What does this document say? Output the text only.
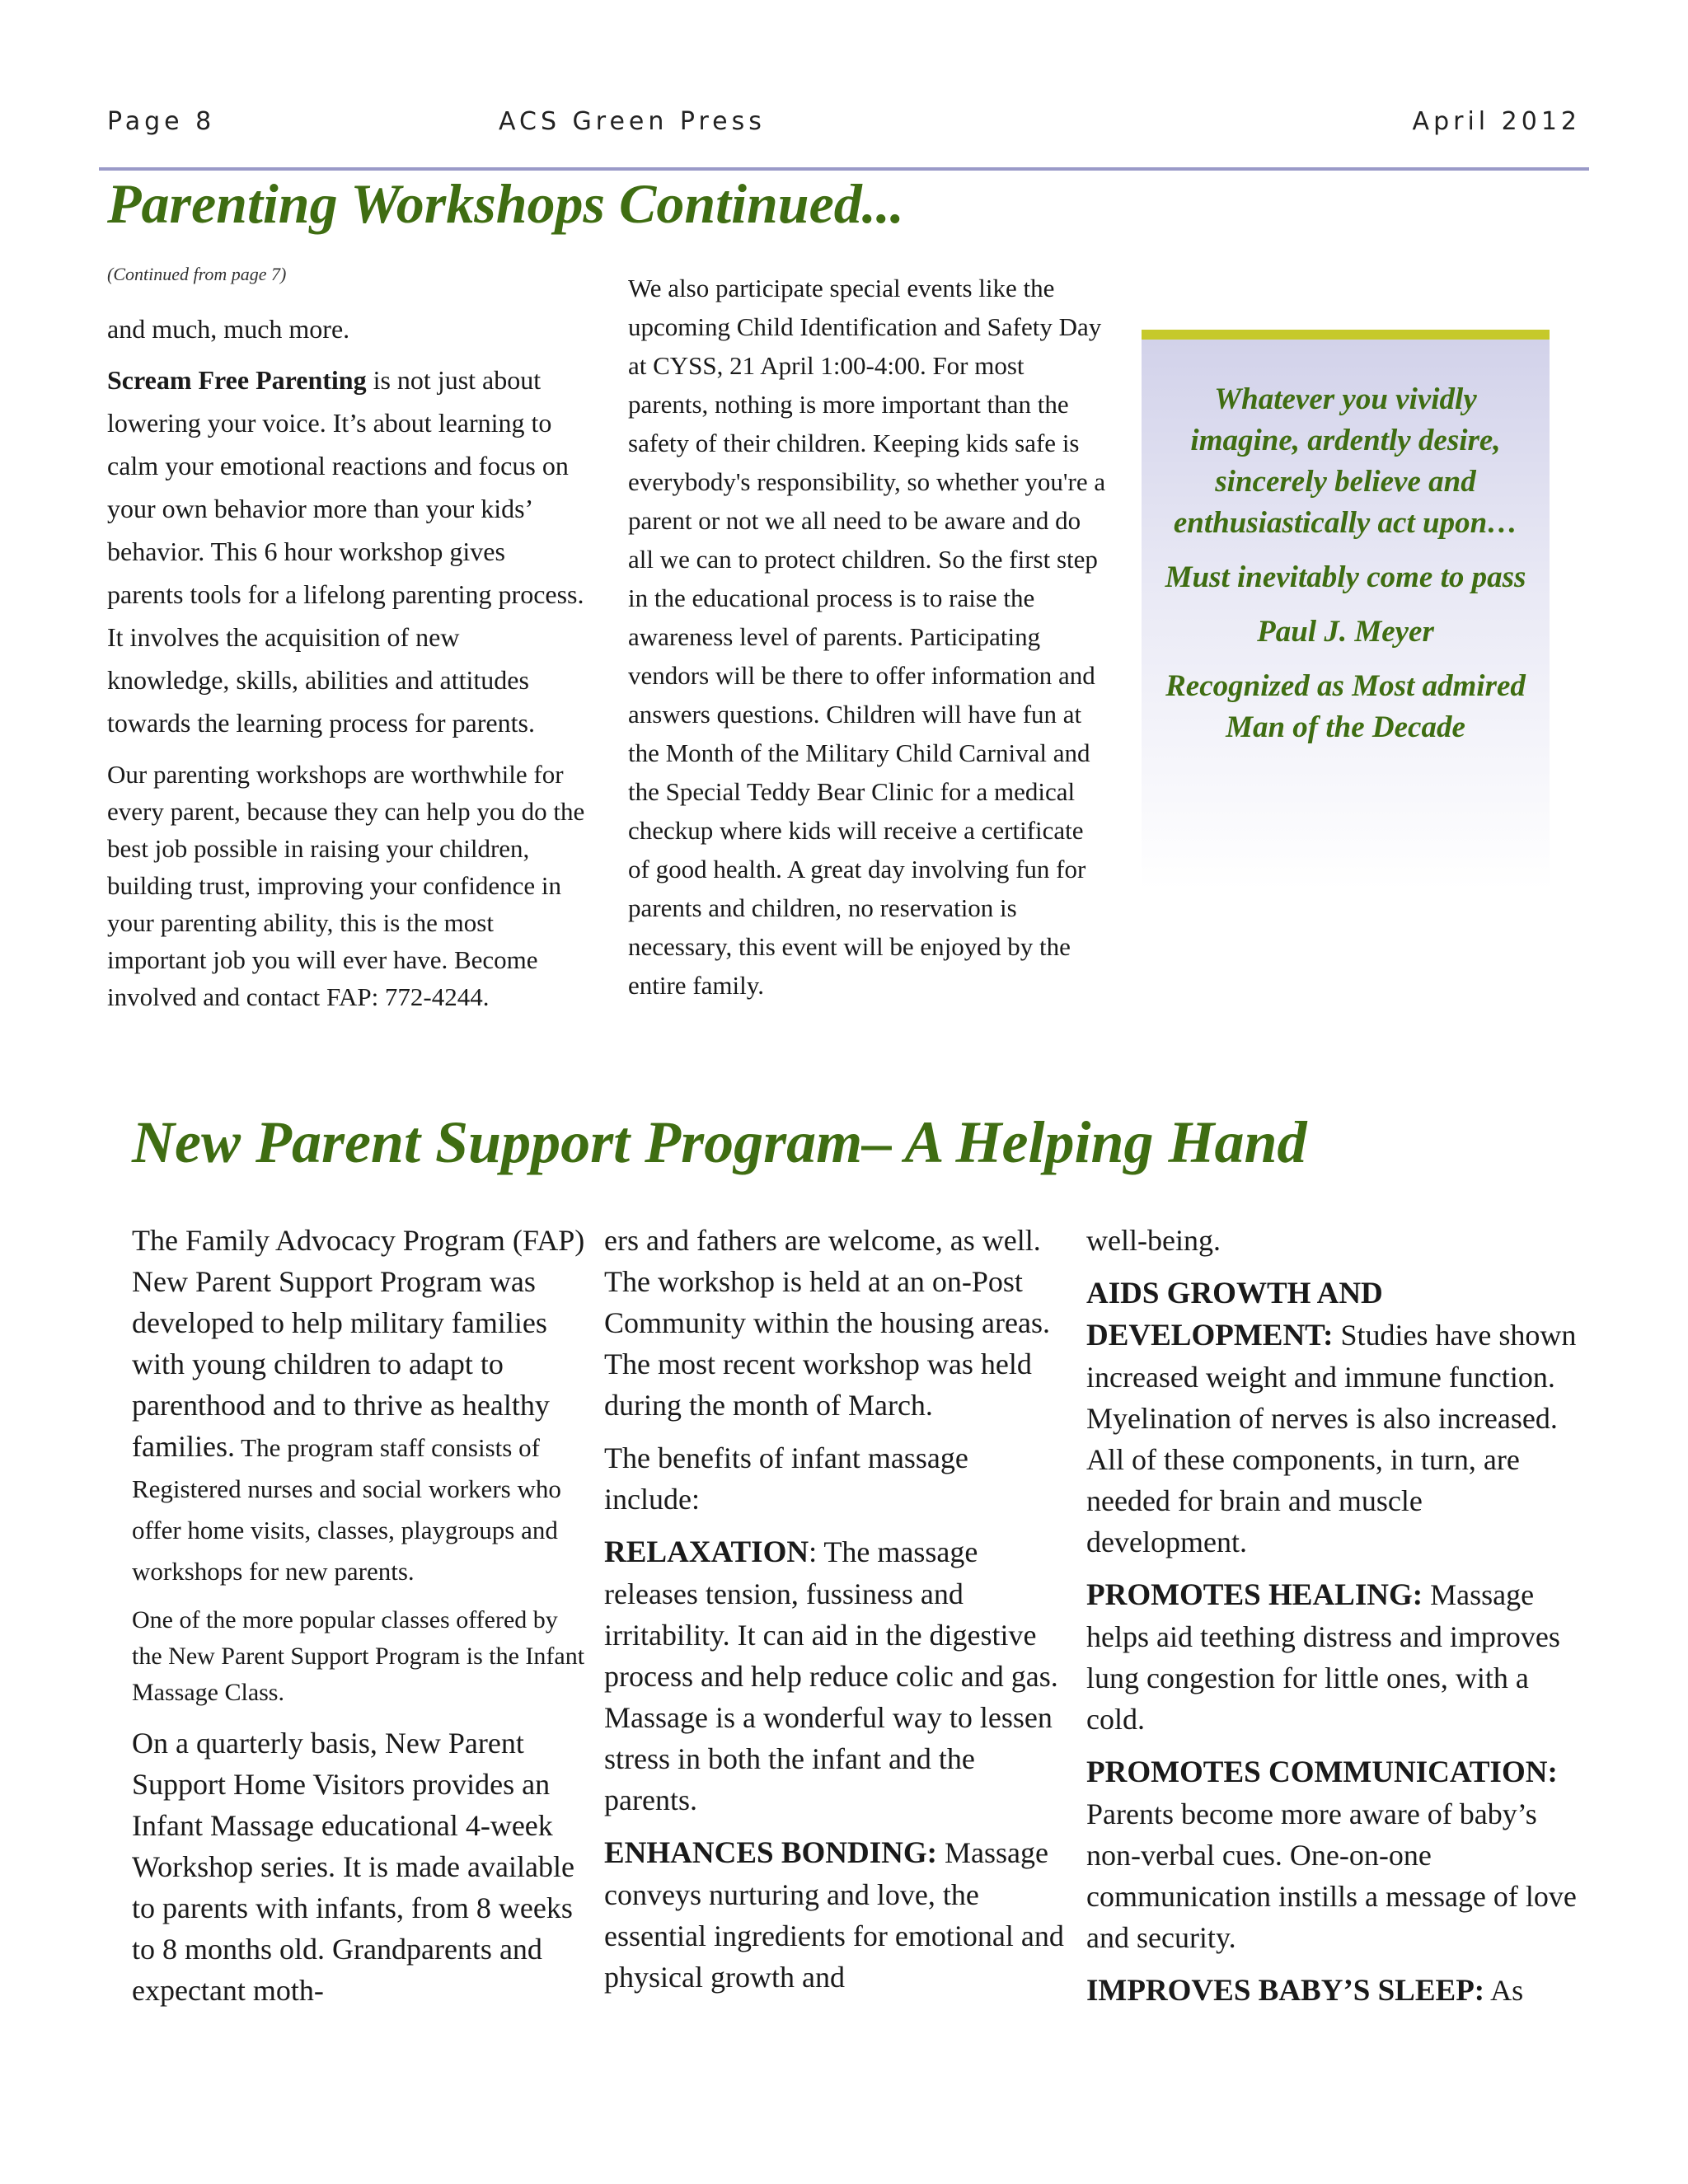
Page 8	ACS Green Press	April 2012
Parenting Workshops Continued...

(Continued from page 7)

and much, much more.

Scream Free Parenting is not just about lowering your voice. It’s about learning to calm your emotional reactions and focus on your own behavior more than your kids’ behavior. This 6 hour workshop gives parents tools for a lifelong parenting process. It involves the acquisition of new knowledge, skills, abilities and attitudes towards the learning process for parents.

Our parenting workshops are worthwhile for every parent, because they can help you do the best job possible in raising your children, building trust, improving your confidence in your parenting ability, this is the most important job you will ever have. Become involved and contact FAP: 772-4244.

We also participate special events like the upcoming Child Identification and Safety Day at CYSS, 21 April 1:00-4:00. For most parents, nothing is more important than the safety of their children. Keeping kids safe is everybody's responsibility, so whether you're a parent or not we all need to be aware and do all we can to protect children. So the first step in the educational process is to raise the awareness level of parents. Participating vendors will be there to offer information and answers questions. Children will have fun at the Month of the Military Child Carnival and the Special Teddy Bear Clinic for a medical checkup where kids will receive a certificate of good health. A great day involving fun for parents and children, no reservation is necessary, this event will be enjoyed by the entire family.

Whatever you vividly imagine, ardently desire, sincerely believe and enthusiastically act upon…

Must inevitably come to pass

Paul J. Meyer

Recognized as Most admired Man of the Decade

New Parent Support Program– A Helping Hand

The Family Advocacy Program (FAP) New Parent Support Program was developed to help military families with young children to adapt to parenthood and to thrive as healthy families. The program staff consists of Registered nurses and social workers who offer home visits, classes, playgroups and workshops for new parents.

One of the more popular classes offered by the New Parent Support Program is the Infant Massage Class.

On a quarterly basis, New Parent Support Home Visitors provides an Infant Massage educational 4-week Workshop series. It is made available to parents with infants, from 8 weeks to 8 months old. Grandparents and expectant moth-

ers and fathers are welcome, as well. The workshop is held at an on-Post Community within the housing areas. The most recent workshop was held during the month of March.

The benefits of infant massage include:

RELAXATION: The massage releases tension, fussiness and irritability. It can aid in the digestive process and help reduce colic and gas. Massage is a wonderful way to lessen stress in both the infant and the parents.

ENHANCES BONDING: Massage conveys nurturing and love, the essential ingredients for emotional and physical growth and

well-being.

AIDS GROWTH AND DEVELOPMENT: Studies have shown increased weight and immune function. Myelination of nerves is also increased. All of these components, in turn, are needed for brain and muscle development.

PROMOTES HEALING: Massage helps aid teething distress and improves lung congestion for little ones, with a cold.

PROMOTES COMMUNICATION: Parents become more aware of baby’s non-verbal cues. One-on-one communication instills a message of love and security.

IMPROVES BABY’S SLEEP: As
